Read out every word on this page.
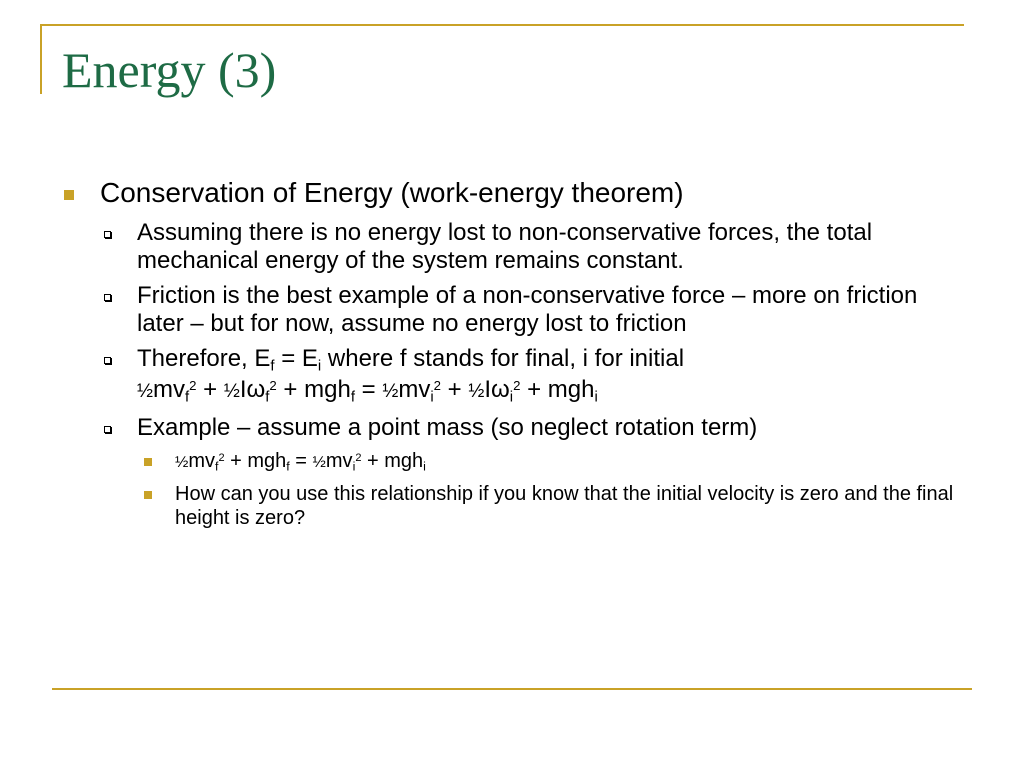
Energy (3)
Conservation of Energy (work-energy theorem)
Assuming there is no energy lost to non-conservative forces, the total mechanical energy of the system remains constant.
Friction is the best example of a non-conservative force – more on friction later – but for now, assume no energy lost to friction
Therefore, $E_f = E_i$ where f stands for final, i for initial
$\frac{1}{2}mv_f^2$ + $\frac{1}{2}I\omega_f^2 + mgh_f$ = $\frac{1}{2}mv_i^2$ + $\frac{1}{2}I\omega_i^2 + mgh_i$
Example – assume a point mass (so neglect rotation term)
$\frac{1}{2}mv_f^2 + mgh_f$ = $\frac{1}{2}mv_i^2 + mgh_i$
How can you use this relationship if you know that the initial velocity is zero and the final height is zero?
